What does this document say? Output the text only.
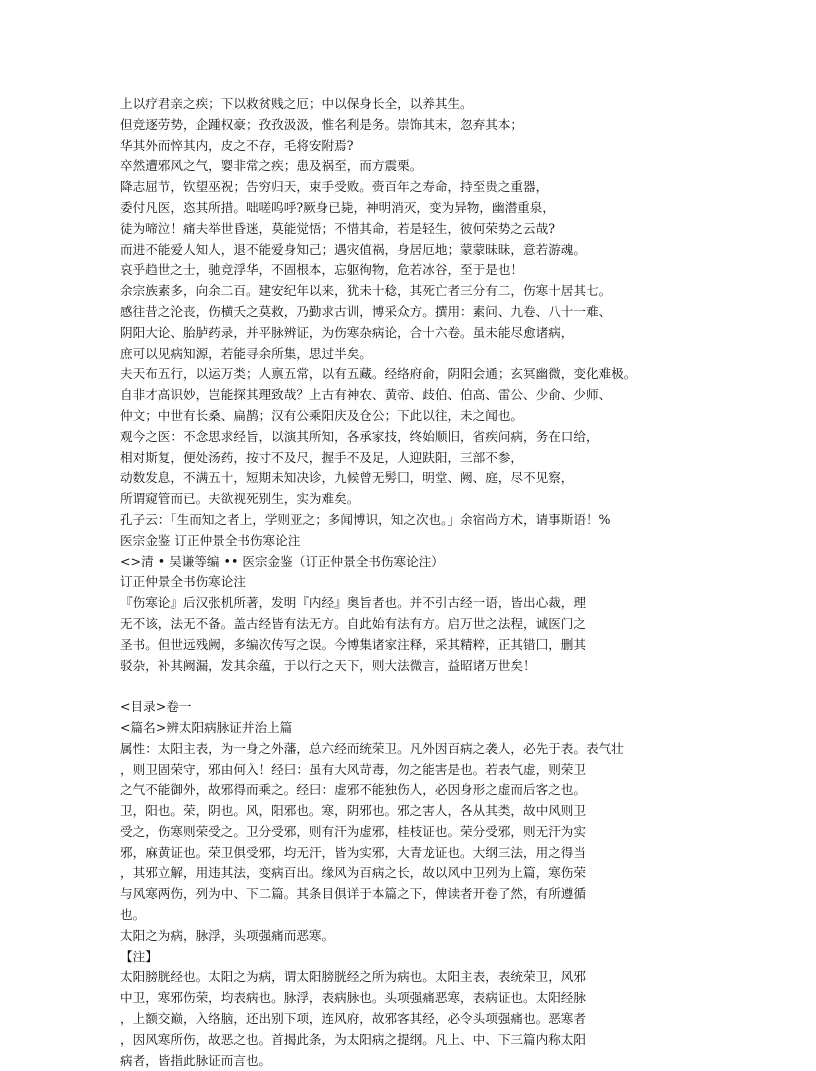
上以疗君亲之疾；下以救贫贱之厄；中以保身长全，以养其生。
但竞逐劳势，企踵权豪；孜孜汲汲，惟名利是务。崇饰其末，忽弃其本；
华其外而悴其内，皮之不存，毛将安附焉?
卒然遭邪风之气，婴非常之疾；患及祸至，而方震栗。
降志屈节，钦望巫祝；告穷归天，束手受败。赍百年之寿命，持至贵之重器，
委付凡医，恣其所措。咄嗟呜呼?厥身已毙，神明消灭，变为异物，幽潜重泉，
徒为啼泣！痛夫举世昏迷，莫能觉悟；不惜其命，若是轻生，彼何荣势之云哉?
而进不能爱人知人，退不能爱身知己；遇灾值祸，身居厄地；蒙蒙昧昧，意若游魂。
哀乎趋世之士，驰竞浮华，不固根本，忘躯徇物，危若冰谷，至于是也！
余宗族素多，向余二百。建安纪年以来，犹未十稔，其死亡者三分有二，伤寒十居其七。
感往昔之沦丧，伤横夭之莫救，乃勤求古训，博采众方。撰用：素问、九卷、八十一难、
阴阳大论、胎胪药录，并平脉辨证，为伤寒杂病论，合十六卷。虽未能尽愈诸病，
庶可以见病知源，若能寻余所集，思过半矣。
夫天布五行，以运万类；人禀五常，以有五藏。经络府俞，阴阳会通；玄冥幽微，变化难极。
自非才高识妙，岂能探其理致哉？上古有神农、黄帝、歧伯、伯高、雷公、少俞、少师、
仲文；中世有长桑、扁鹊；汉有公乘阳庆及仓公；下此以往，未之闻也。
观今之医：不念思求经旨，以演其所知，各承家技，终始顺旧，省疾问病，务在口给，
相对斯复，便处汤药，按寸不及尺，握手不及足，人迎趺阳，三部不参，
动数发息，不满五十，短期未知决诊，九候曾无髣囗，明堂、阙、庭，尽不见察，
所谓窥管而已。夫欲视死别生，实为难矣。
孔子云：「生而知之者上，学则亚之；多闻博识，知之次也。」余宿尚方术，请事斯语！%
医宗金鉴 订正仲景全书伤寒论注
<>清 • 吴谦等编 •• 医宗金鉴（订正仲景全书伤寒论注）
订正仲景全书伤寒论注
『伤寒论』后汉张机所著，发明『内经』奥旨者也。并不引古经一语，皆出心裁，理
无不该，法无不备。盖古经皆有法无方。自此始有法有方。启万世之法程，诚医门之
圣书。但世远残阙，多编次传写之误。今博集诸家注释，采其精粹，正其错囗，删其
驳杂，补其阙漏，发其余蕴，于以行之天下，则大法微言，益昭诸万世矣！
<目录>卷一
<篇名>辨太阳病脉证并治上篇
属性：太阳主表，为一身之外藩，总六经而统荣卫。凡外因百病之袭人，必先于表。表气壮
，则卫固荣守，邪由何入！经曰：虽有大风苛毒，勿之能害是也。若表气虚，则荣卫
之气不能御外，故邪得而乘之。经曰：虚邪不能独伤人，必因身形之虚而后客之也。
卫，阳也。荣，阴也。风，阳邪也。寒，阴邪也。邪之害人，各从其类，故中风则卫
受之，伤寒则荣受之。卫分受邪，则有汗为虚邪，桂枝证也。荣分受邪，则无汗为实
邪，麻黄证也。荣卫俱受邪，均无汗，皆为实邪，大青龙证也。大纲三法，用之得当
，其邪立解，用违其法，变病百出。缘风为百病之长，故以风中卫列为上篇，寒伤荣
与风寒两伤，列为中、下二篇。其条目俱详于本篇之下，俾读者开卷了然，有所遵循
也。
太阳之为病，脉浮，头项强痛而恶寒。
【注】
太阳膀胱经也。太阳之为病，谓太阳膀胱经之所为病也。太阳主表，表统荣卫，风邪
中卫，寒邪伤荣，均表病也。脉浮，表病脉也。头项强痛恶寒，表病证也。太阳经脉
，上额交巅，入络脑，还出别下项，连风府，故邪客其经，必令头项强痛也。恶寒者
，因风寒所伤，故恶之也。首揭此条，为太阳病之提纲。凡上、中、下三篇内称太阳
病者，皆指此脉证而言也。
